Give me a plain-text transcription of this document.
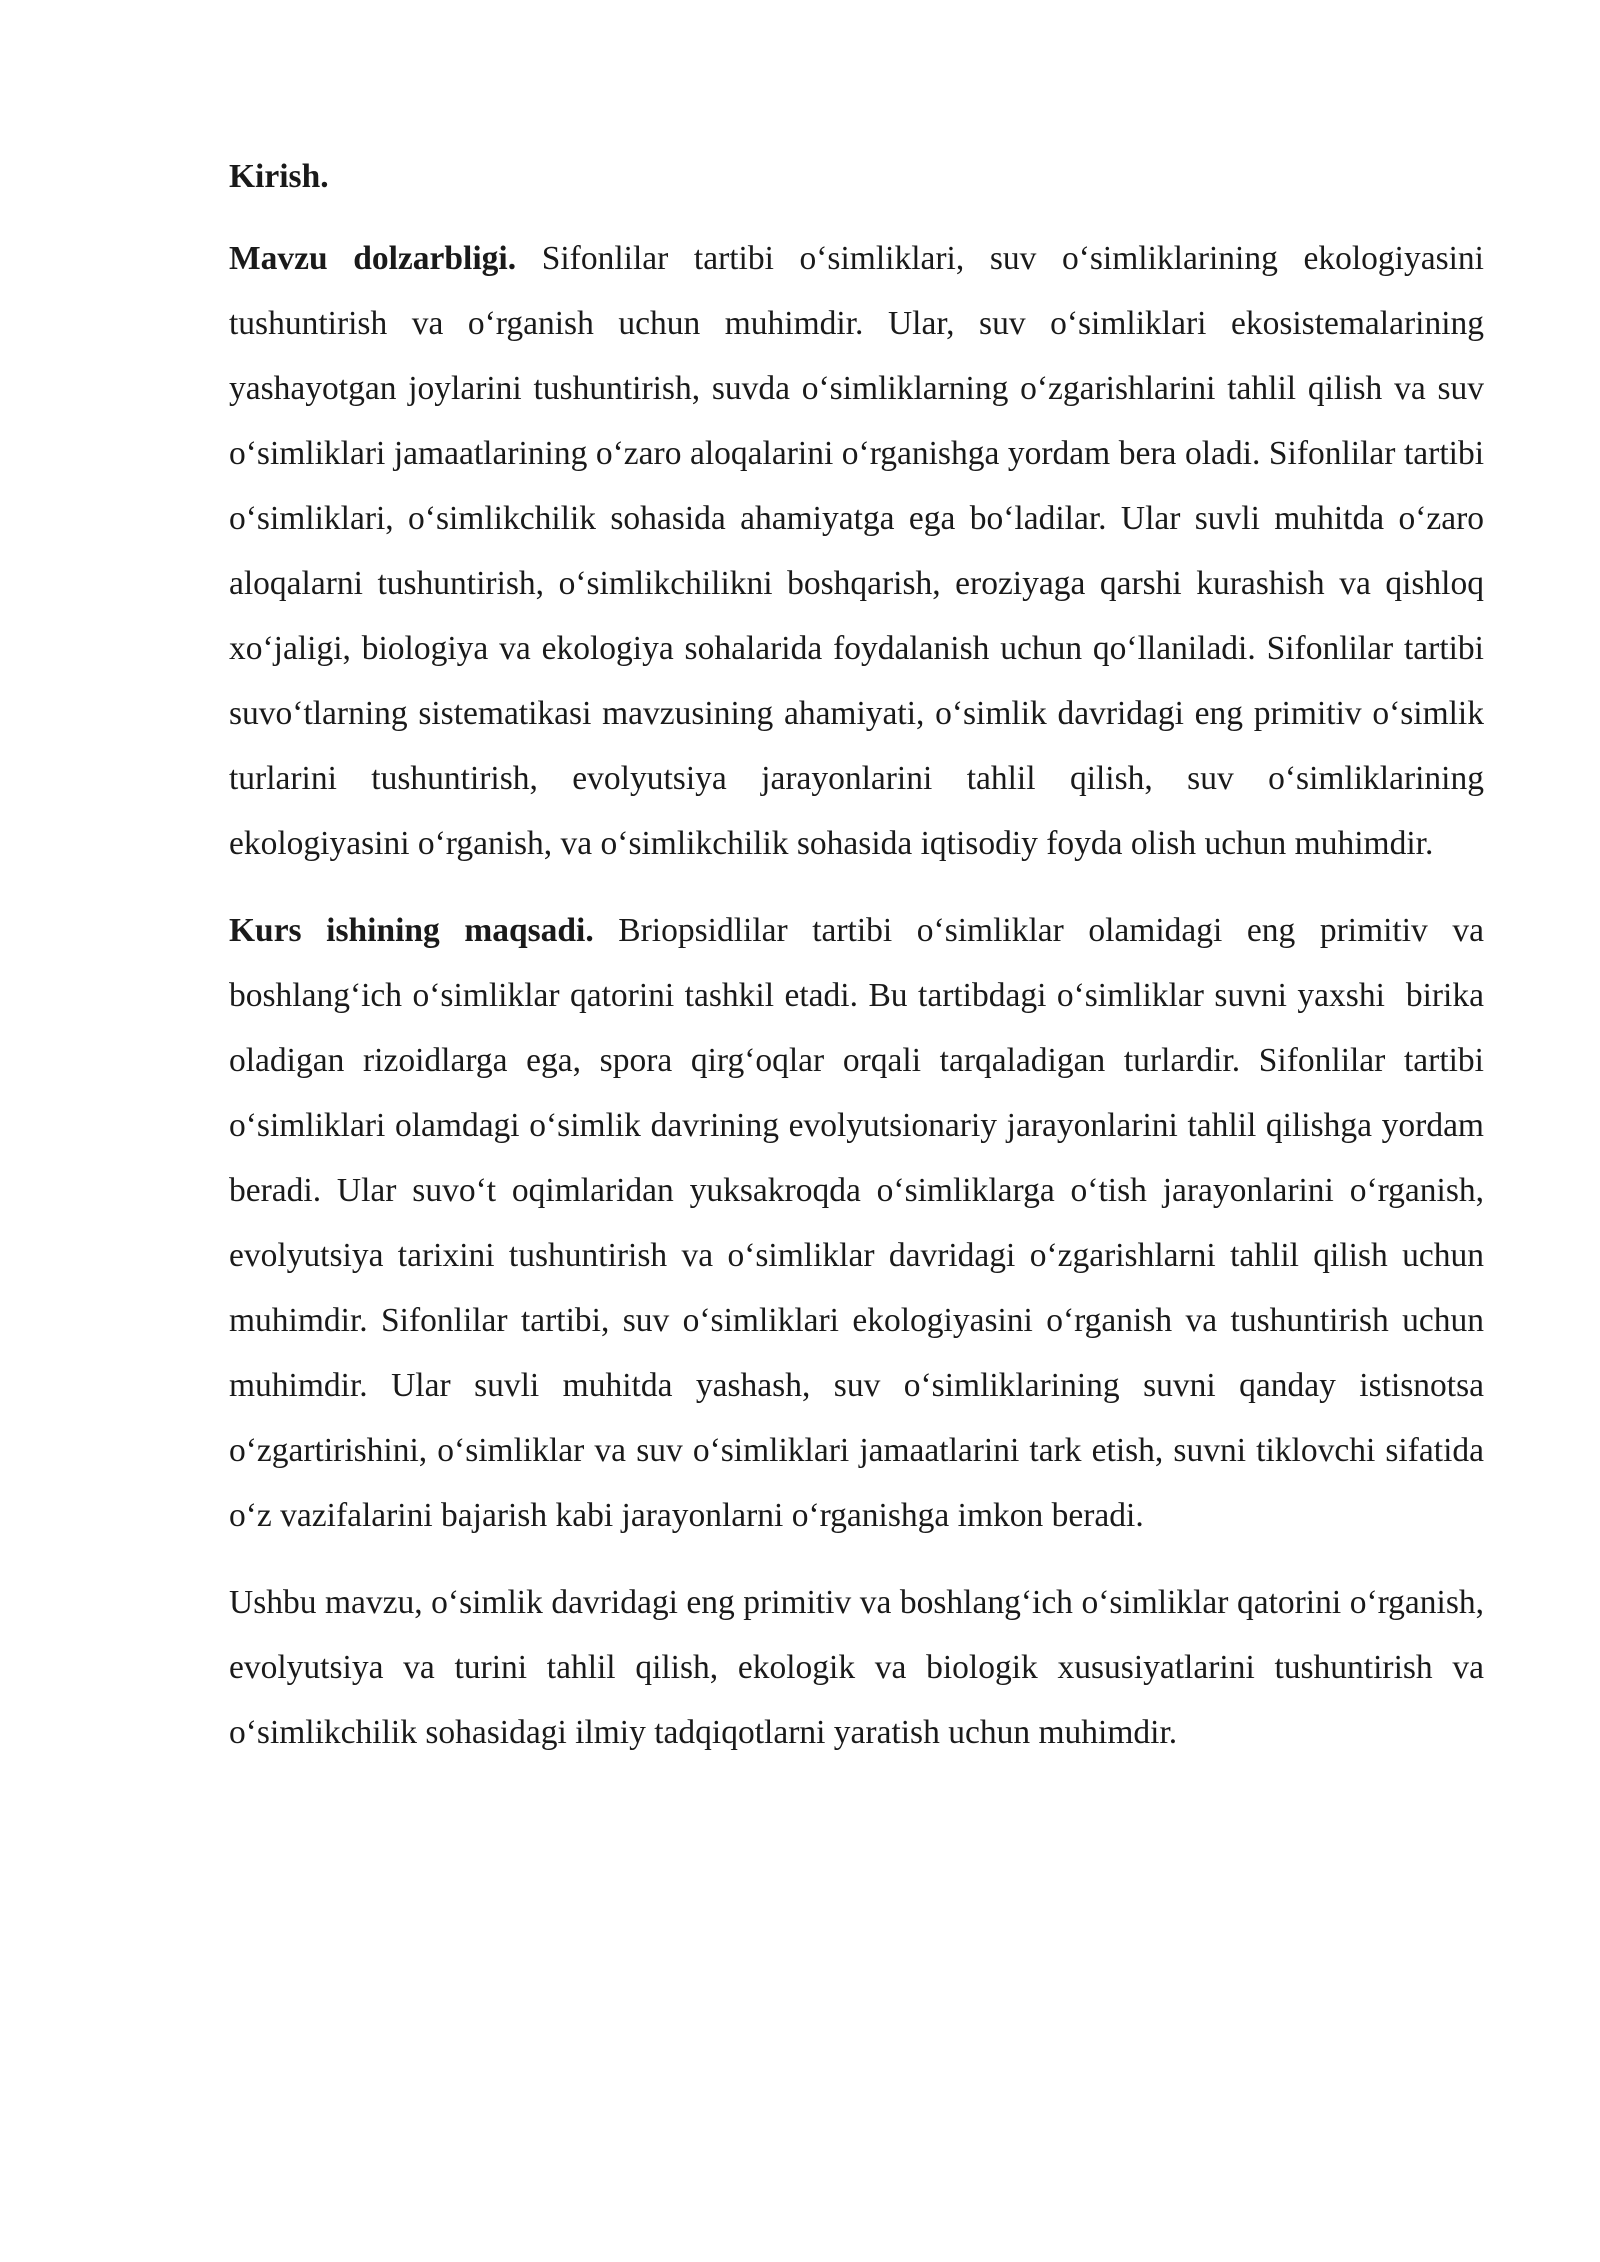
Kirish.

Mavzu dolzarbligi. Sifonlilar tartibi o‘simliklari, suv o‘simliklarining ekologiyasini tushuntirish va o‘rganish uchun muhimdir. Ular, suv o‘simliklari ekosistemalarining yashayotgan joylarini tushuntirish, suvda o‘simliklarning o‘zgarishlarini tahlil qilish va suv o‘simliklari jamaatlarining o‘zaro aloqalarini o‘rganishga yordam bera oladi. Sifonlilar tartibi o‘simliklari, o‘simlikchilik sohasida ahamiyatga ega bo‘ladilar. Ular suvli muhitda o‘zaro aloqalarni tushuntirish, o‘simlikchilikni boshqarish, eroziyaga qarshi kurashish va qishloq xo‘jaligi, biologiya va ekologiya sohalarida foydalanish uchun qo‘llaniladi. Sifonlilar tartibi suvo‘tlarning sistematikasi mavzusining ahamiyati, o‘simlik davridagi eng primitiv o‘simlik turlarini tushuntirish, evolyutsiya jarayonlarini tahlil qilish, suv o‘simliklarining ekologiyasini o‘rganish, va o‘simlikchilik sohasida iqtisodiy foyda olish uchun muhimdir.

Kurs ishining maqsadi. Briopsidlilar tartibi o‘simliklar olamidagi eng primitiv va boshlang‘ich o‘simliklar qatorini tashkil etadi. Bu tartibdagi o‘simliklar suvni yaxshi  birika oladigan rizoidlarga ega, spora qirg‘oqlar orqali tarqaladigan turlardir. Sifonlilar tartibi o‘simliklari olamdagi o‘simlik davrining evolyutsionariy jarayonlarini tahlil qilishga yordam beradi. Ular suvo‘t oqimlaridan yuksakroqda o‘simliklarga o‘tish jarayonlarini o‘rganish, evolyutsiya tarixini tushuntirish va o‘simliklar davridagi o‘zgarishlarni tahlil qilish uchun muhimdir. Sifonlilar tartibi, suv o‘simliklari ekologiyasini o‘rganish va tushuntirish uchun muhimdir. Ular suvli muhitda yashash, suv o‘simliklarining suvni qanday istisnotsa o‘zgartirishini, o‘simliklar va suv o‘simliklari jamaatlarini tark etish, suvni tiklovchi sifatida o‘z vazifalarini bajarish kabi jarayonlarni o‘rganishga imkon beradi.

Ushbu mavzu, o‘simlik davridagi eng primitiv va boshlang‘ich o‘simliklar qatorini o‘rganish, evolyutsiya va turini tahlil qilish, ekologik va biologik xususiyatlarini tushuntirish va o‘simlikchilik sohasidagi ilmiy tadqiqotlarni yaratish uchun muhimdir.
